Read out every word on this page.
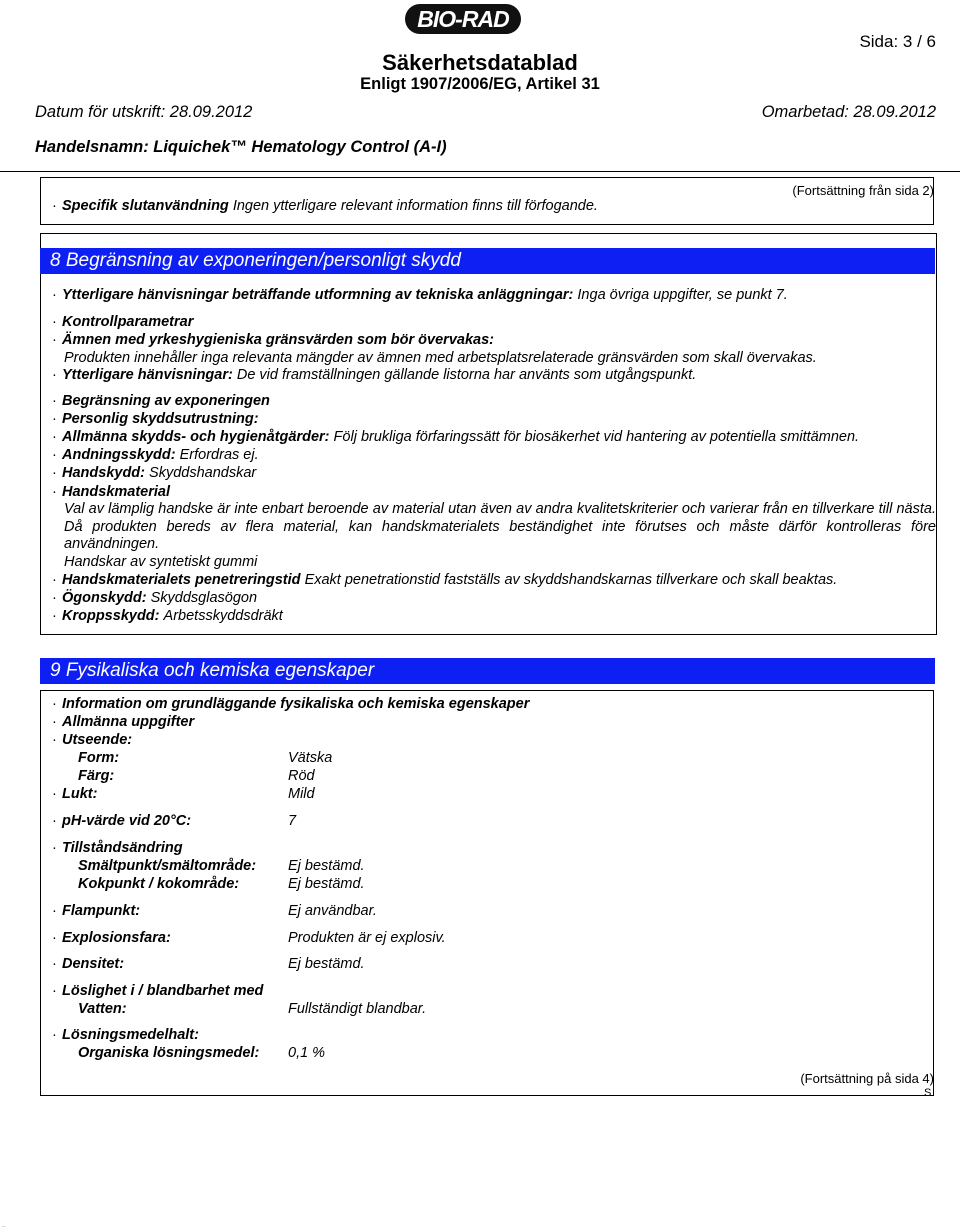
BIO-RAD
Sida: 3 / 6
Säkerhetsdatablad
Enligt 1907/2006/EG, Artikel 31
Datum för utskrift: 28.09.2012	Omarbetad: 28.09.2012
Handelsnamn: Liquichek™ Hematology Control (A-I)
(Fortsättning från sida 2)
· Specifik slutanvändning Ingen ytterligare relevant information finns till förfogande.
8 Begränsning av exponeringen/personligt skydd
· Ytterligare hänvisningar beträffande utformning av tekniska anläggningar: Inga övriga uppgifter, se punkt 7.
· Kontrollparametrar
· Ämnen med yrkeshygieniska gränsvärden som bör övervakas:
Produkten innehåller inga relevanta mängder av ämnen med arbetsplatsrelaterade gränsvärden som skall övervakas.
· Ytterligare hänvisningar: De vid framställningen gällande listorna har använts som utgångspunkt.
· Begränsning av exponeringen
· Personlig skyddsutrustning:
· Allmänna skydds- och hygienåtgärder: Följ brukliga förfaringssätt för biosäkerhet vid hantering av potentiella smittämnen.
· Andningsskydd: Erfordras ej.
· Handskydd: Skyddshandskar
· Handskmaterial
Val av lämplig handske är inte enbart beroende av material utan även av andra kvalitetskriterier och varierar från en tillverkare till nästa. Då produkten bereds av flera material, kan handskmaterialets beständighet inte förutses och måste därför kontrolleras före användningen.
Handskar av syntetiskt gummi
· Handskmaterialets penetreringstid Exakt penetrationstid fastställs av skyddshandskarnas tillverkare och skall beaktas.
· Ögonskydd: Skyddsglasögon
· Kroppsskydd: Arbetsskyddsdräkt
9 Fysikaliska och kemiska egenskaper
· Information om grundläggande fysikaliska och kemiska egenskaper
· Allmänna uppgifter
· Utseende:
Form:	Vätska
Färg:	Röd
· Lukt:	Mild
· pH-värde vid 20°C:	7
· Tillståndsändring
Smältpunkt/smältområde: Ej bestämd.
Kokpunkt / kokområde:	Ej bestämd.
· Flampunkt:	Ej användbar.
· Explosionsfara:	Produkten är ej explosiv.
· Densitet:	Ej bestämd.
· Löslighet i / blandbarhet med
Vatten:	Fullständigt blandbar.
· Lösningsmedelhalt:
Organiska lösningsmedel: 0,1 %
(Fortsättning på sida 4)
S
_
